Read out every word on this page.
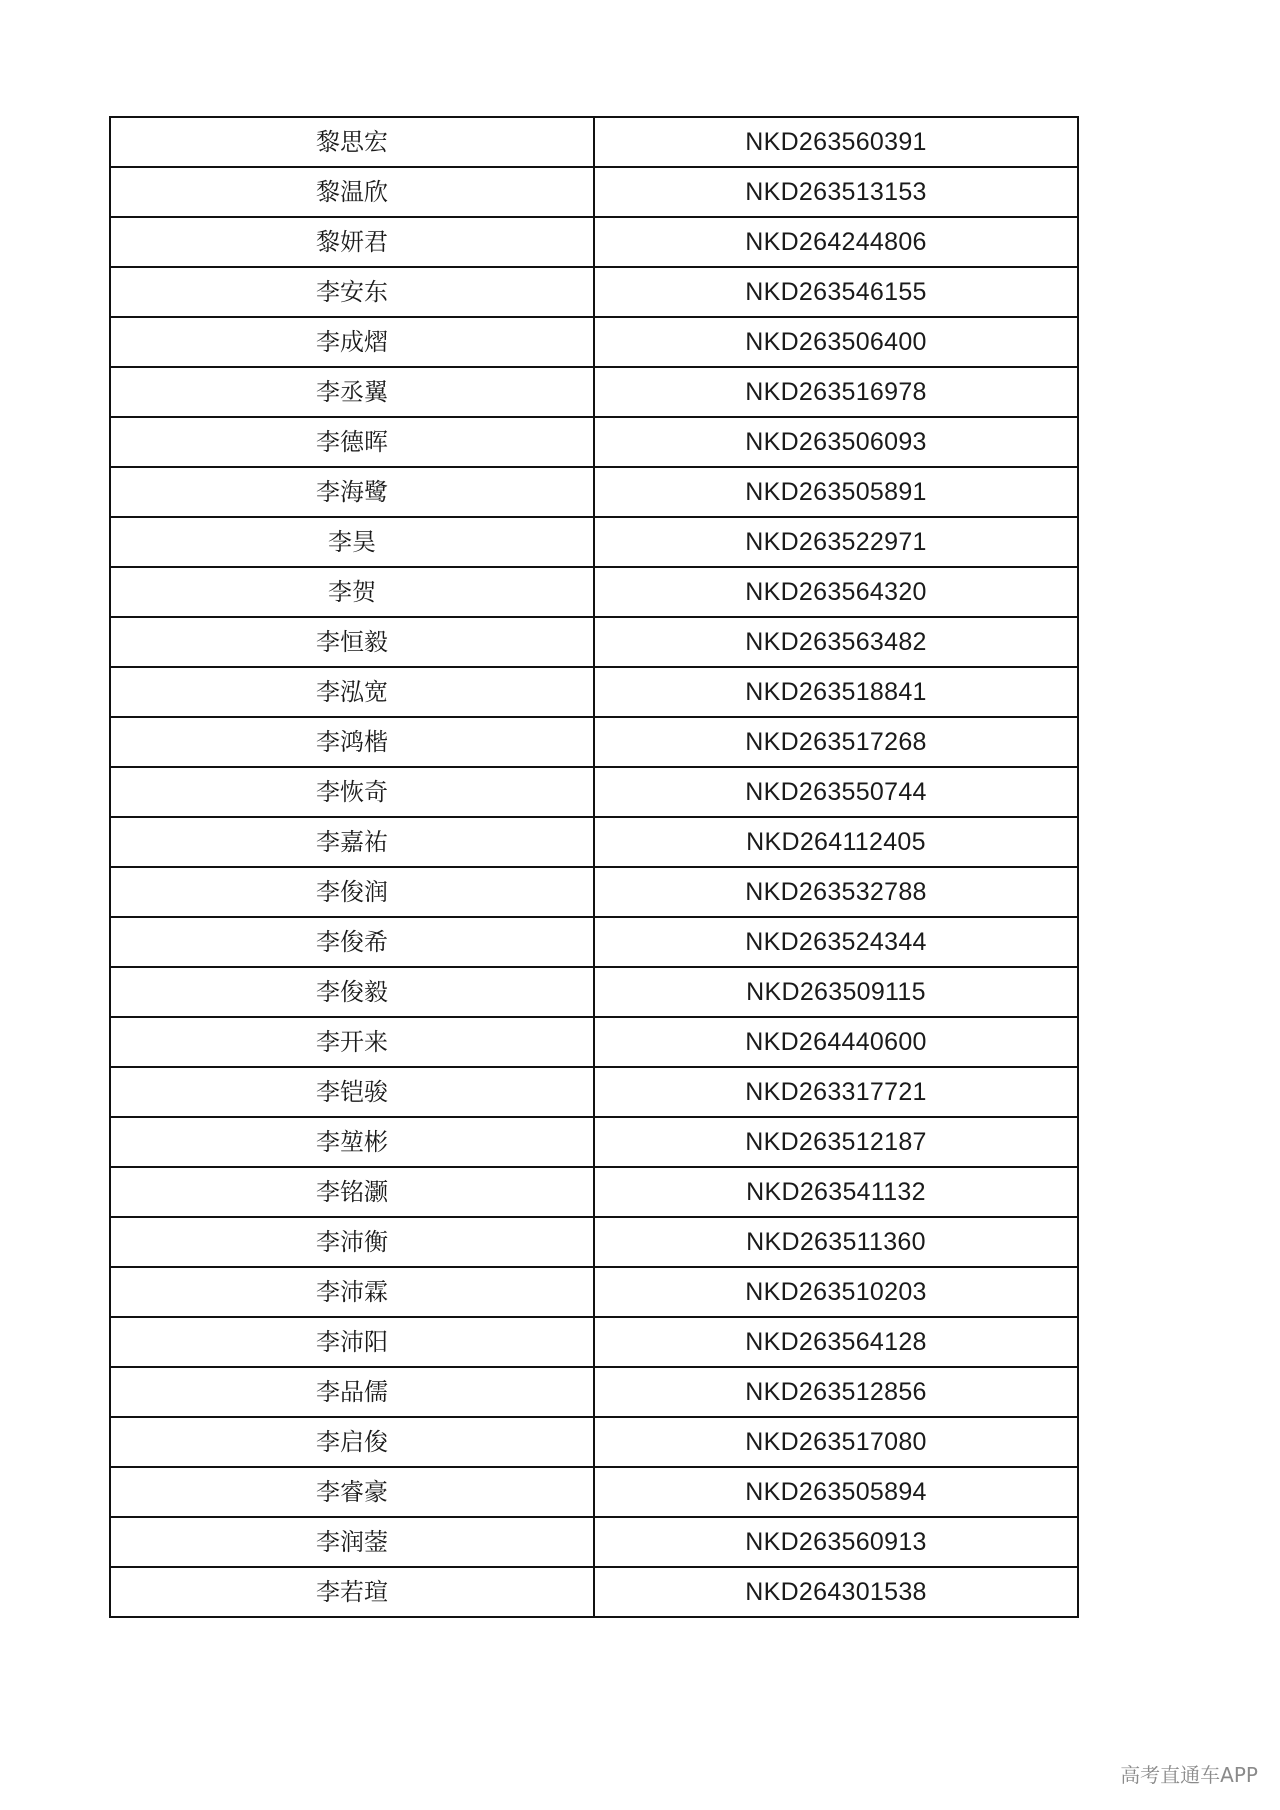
黎思宏	NKD263560391
黎温欣	NKD263513153
黎妍君	NKD264244806
李安东	NKD263546155
李成熠	NKD263506400
李丞翼	NKD263516978
李德晖	NKD263506093
李海鹭	NKD263505891
李昊	NKD263522971
李贺	NKD263564320
李恒毅	NKD263563482
李泓宽	NKD263518841
李鸿楷	NKD263517268
李恢奇	NKD263550744
李嘉祐	NKD264112405
李俊润	NKD263532788
李俊希	NKD263524344
李俊毅	NKD263509115
李开来	NKD264440600
李铠骏	NKD263317721
李堃彬	NKD263512187
李铭灏	NKD263541132
李沛衡	NKD263511360
李沛霖	NKD263510203
李沛阳	NKD263564128
李品儒	NKD263512856
李启俊	NKD263517080
李睿豪	NKD263505894
李润蓥	NKD263560913
李若瑄	NKD264301538
高考直通车APP
